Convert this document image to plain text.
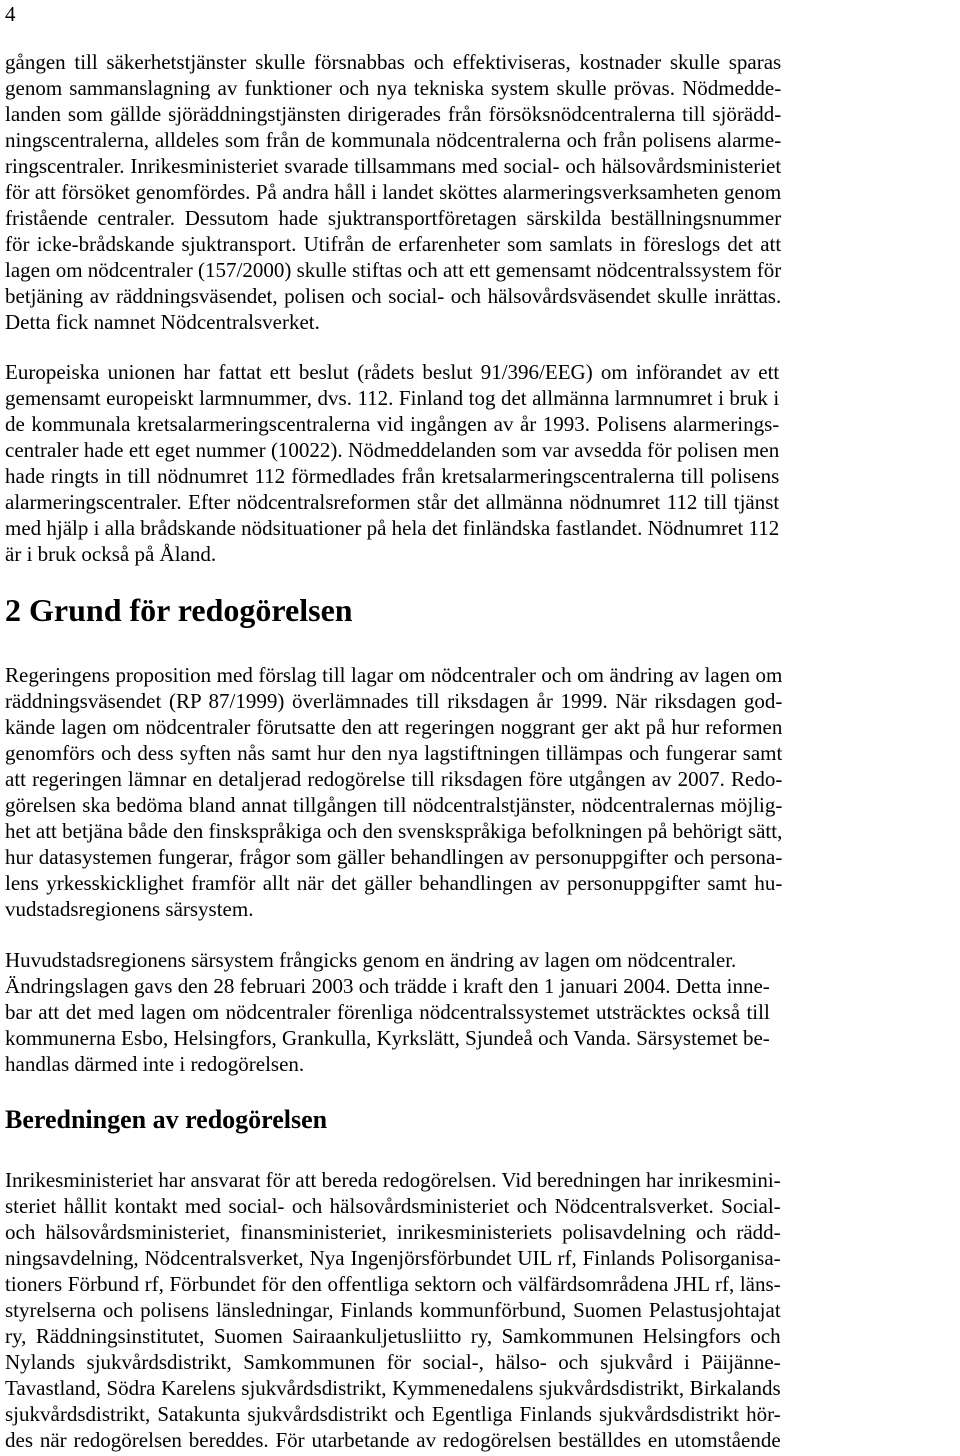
4

gången till säkerhetstjänster skulle försnabbas och effektiviseras, kostnader skulle sparas
genom sammanslagning av funktioner och nya tekniska system skulle prövas. Nödmedde-
landen som gällde sjöräddningstjänsten dirigerades från försöksnödcentralerna till sjörädd-
ningscentralerna, alldeles som från de kommunala nödcentralerna och från polisens alarme-
ringscentraler. Inrikesministeriet svarade tillsammans med social- och hälsovårdsministeriet
för att försöket genomfördes. På andra håll i landet sköttes alarmeringsverksamheten genom
fristående centraler. Dessutom hade sjuktransportföretagen särskilda beställningsnummer
för icke-brådskande sjuktransport. Utifrån de erfarenheter som samlats in föreslogs det att
lagen om nödcentraler (157/2000) skulle stiftas och att ett gemensamt nödcentralssystem för
betjäning av räddningsväsendet, polisen och social- och hälsovårdsväsendet skulle inrättas.
Detta fick namnet Nödcentralsverket.

Europeiska unionen har fattat ett beslut (rådets beslut 91/396/EEG) om införandet av ett
gemensamt europeiskt larmnummer, dvs. 112. Finland tog det allmänna larmnumret i bruk i
de kommunala kretsalarmeringscentralerna vid ingången av år 1993. Polisens alarmerings-
centraler hade ett eget nummer (10022). Nödmeddelanden som var avsedda för polisen men
hade ringts in till nödnumret 112 förmedlades från kretsalarmeringscentralerna till polisens
alarmeringscentraler. Efter nödcentralsreformen står det allmänna nödnumret 112 till tjänst
med hjälp i alla brådskande nödsituationer på hela det finländska fastlandet. Nödnumret 112
är i bruk också på Åland.

2 Grund för redogörelsen

Regeringens proposition med förslag till lagar om nödcentraler och om ändring av lagen om
räddningsväsendet (RP 87/1999) överlämnades till riksdagen år 1999. När riksdagen god-
kände lagen om nödcentraler förutsatte den att regeringen noggrant ger akt på hur reformen
genomförs och dess syften nås samt hur den nya lagstiftningen tillämpas och fungerar samt
att regeringen lämnar en detaljerad redogörelse till riksdagen före utgången av 2007. Redo-
görelsen ska bedöma bland annat tillgången till nödcentralstjänster, nödcentralernas möjlig-
het att betjäna både den finskspråkiga och den svenskspråkiga befolkningen på behörigt sätt,
hur datasystemen fungerar, frågor som gäller behandlingen av personuppgifter och persona-
lens yrkesskicklighet framför allt när det gäller behandlingen av personuppgifter samt hu-
vudstadsregionens särsystem.

Huvudstadsregionens särsystem frångicks genom en ändring av lagen om nödcentraler.
Ändringslagen gavs den 28 februari 2003 och trädde i kraft den 1 januari 2004. Detta inne-
bar att det med lagen om nödcentraler förenliga nödcentralssystemet utsträcktes också till
kommunerna Esbo, Helsingfors, Grankulla, Kyrkslätt, Sjundeå och Vanda. Särsystemet be-
handlas därmed inte i redogörelsen.

Beredningen av redogörelsen

Inrikesministeriet har ansvarat för att bereda redogörelsen. Vid beredningen har inrikesmini-
steriet hållit kontakt med social- och hälsovårdsministeriet och Nödcentralsverket. Social-
och hälsovårdsministeriet, finansministeriet, inrikesministeriets polisavdelning och rädd-
ningsavdelning, Nödcentralsverket, Nya Ingenjörsförbundet UIL rf, Finlands Polisorganisa-
tioners Förbund rf, Förbundet för den offentliga sektorn och välfärdsområdena JHL rf, läns-
styrelserna och polisens länsledningar, Finlands kommunförbund, Suomen Pelastusjohtajat
ry, Räddningsinstitutet, Suomen Sairaankuljetusliitto ry, Samkommunen Helsingfors och
Nylands sjukvårdsdistrikt, Samkommunen för social-, hälso- och sjukvård i Päijänne-
Tavastland, Södra Karelens sjukvårdsdistrikt, Kymmenedalens sjukvårdsdistrikt, Birkalands
sjukvårdsdistrikt, Satakunta sjukvårdsdistrikt och Egentliga Finlands sjukvårdsdistrikt hör-
des när redogörelsen bereddes. För utarbetande av redogörelsen beställdes en utomstående
